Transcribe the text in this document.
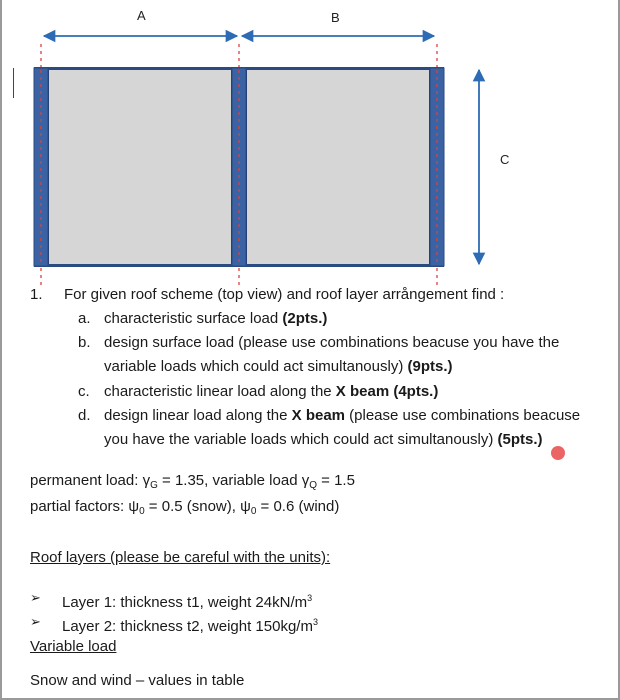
A	B
C
1. For given roof scheme (top view) and roof layer arrångement find :
a. characteristic surface load (2pts.)
b. design surface load (please use combinations beacuse you have the
variable loads which could act simultanously) (9pts.)
c. characteristic linear load along the X beam (4pts.)
d. design linear load along the X beam (please use combinations beacuse
you have the variable loads which could act simultanously) (5pts.)
permanent load: $\gamma_G = 1.35$, variable load $\gamma_Q = 1.5$
partial factors: $\psi_0 = 0.5$ (snow), $\psi_0 = 0.6$ (wind)
Roof layers (please be careful with the units):
➢ Layer 1: thickness t1, weight $24kN/m^3$
➢ Layer 2: thickness t2, weight $150kg/m^3$
Variable load
Snow and wind – values in table
